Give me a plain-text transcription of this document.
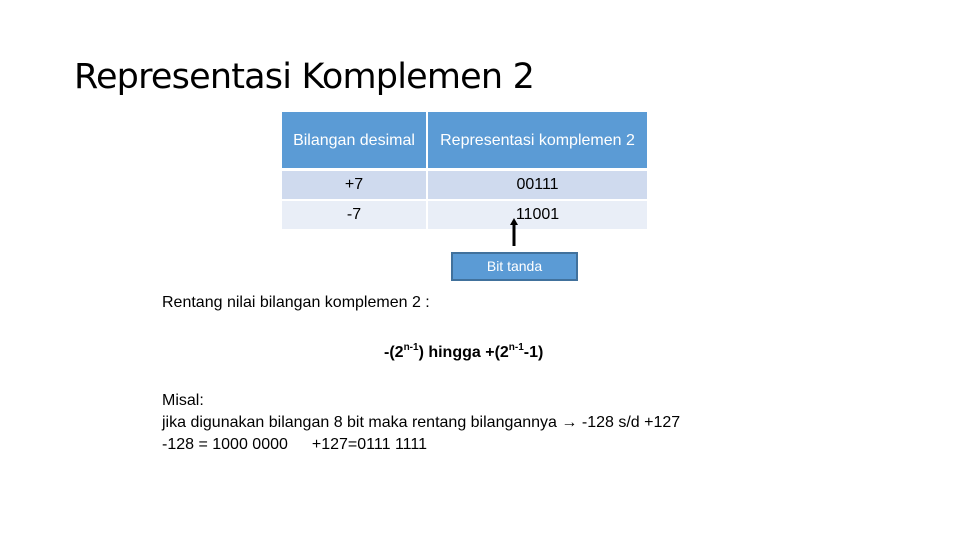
Representasi Komplemen 2
Bilangan desimal	Representasi komplemen 2
+7	00111
-7	11001
Bit tanda
Rentang nilai bilangan komplemen 2 :
-(2$^{n-1}$) hingga $+(2^{n-1}-1)$
Misal:
jika digunakan bilangan 8 bit maka rentang bilangannya → -128 s/d +127
-128 = 1000 0000 +127=0111 1111
